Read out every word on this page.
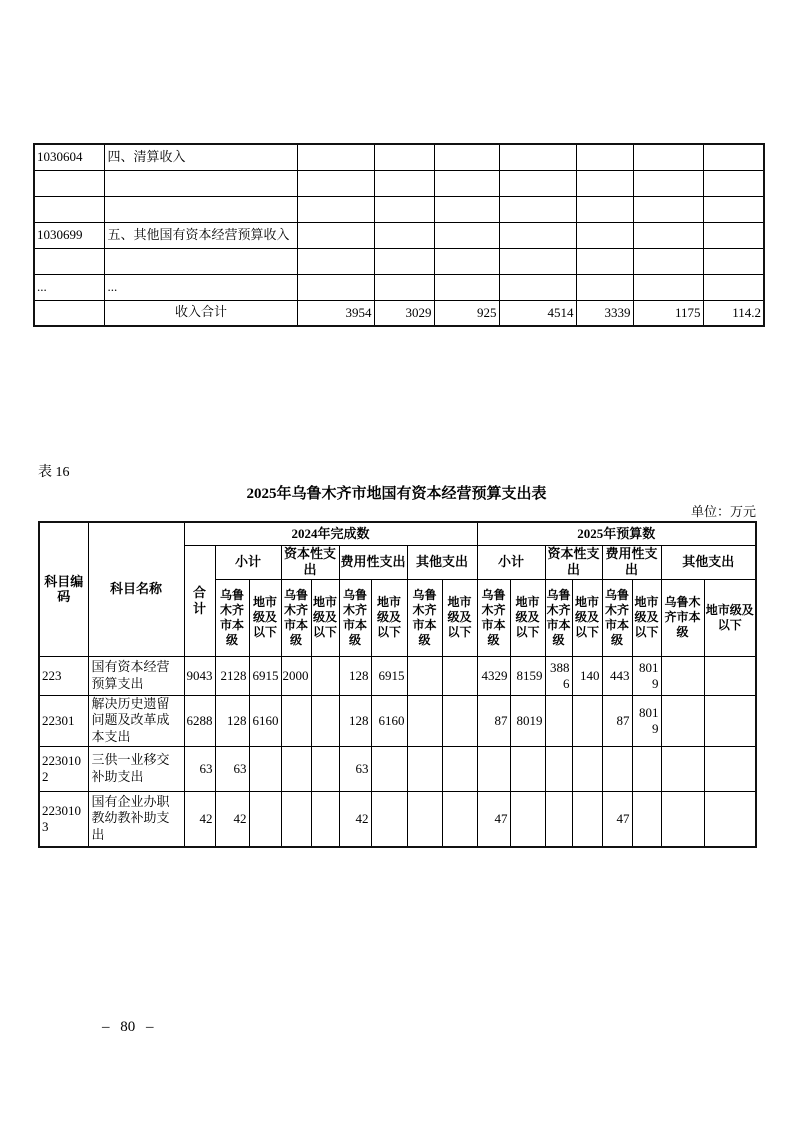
1030604	四、清算收入							

1030699	五、其他国有资本经营预算收入							

...	...							
	收入合计	3954	3029	925	4514	3339	1175	114.2
表 16
2025年乌鲁木齐市地国有资本经营预算支出表
单位：万元
科目编码	科目名称	2024年完成数									2025年预算数							
		合计	小计		资本性支出		费用性支出		其他支出		小计		资本性支出		费用性支出		其他支出	
			乌鲁木齐市本级	地市级及以下	乌鲁木齐市本级	地市级及以下	乌鲁木齐市本级	地市级及以下	乌鲁木齐市本级	地市级及以下	乌鲁木齐市本级	地市级及以下	乌鲁木齐市本级	地市级及以下	乌鲁木齐市本级	地市级及以下	乌鲁木齐市本级	地市级及以下
223	国有资本经营预算支出	9043	2128	6915	2000		128	6915			4329	8159	3886	140	443	8019		
22301	解决历史遗留问题及改革成本支出	6288	128	6160			128	6160			87	8019			87	8019		
2230102	三供一业移交补助支出	63	63				63											
2230103	国有企业办职教幼教补助支出	42	42				42				47				47			
– 80 –
